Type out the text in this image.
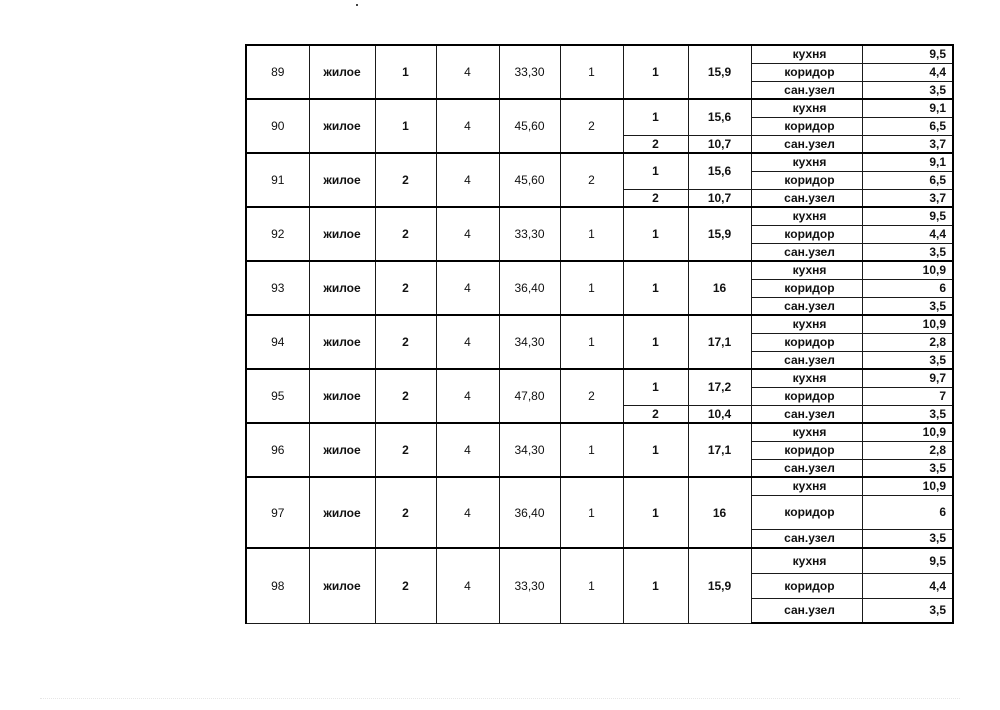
89	жилое	1	4	33,30	1	1	15,9	кухня	9,5
								коридор	4,4
								сан.узел	3,5
90	жилое	1	4	45,60	2	1	15,6	кухня	9,1
								коридор	6,5
						2	10,7	сан.узел	3,7
91	жилое	2	4	45,60	2	1	15,6	кухня	9,1
								коридор	6,5
						2	10,7	сан.узел	3,7
92	жилое	2	4	33,30	1	1	15,9	кухня	9,5
								коридор	4,4
								сан.узел	3,5
93	жилое	2	4	36,40	1	1	16	кухня	10,9
								коридор	6
								сан.узел	3,5
94	жилое	2	4	34,30	1	1	17,1	кухня	10,9
								коридор	2,8
								сан.узел	3,5
95	жилое	2	4	47,80	2	1	17,2	кухня	9,7
								коридор	7
						2	10,4	сан.узел	3,5
96	жилое	2	4	34,30	1	1	17,1	кухня	10,9
								коридор	2,8
								сан.узел	3,5
97	жилое	2	4	36,40	1	1	16	кухня	10,9
								коридор	6
								сан.узел	3,5
98	жилое	2	4	33,30	1	1	15,9	кухня	9,5
								коридор	4,4
								сан.узел	3,5
